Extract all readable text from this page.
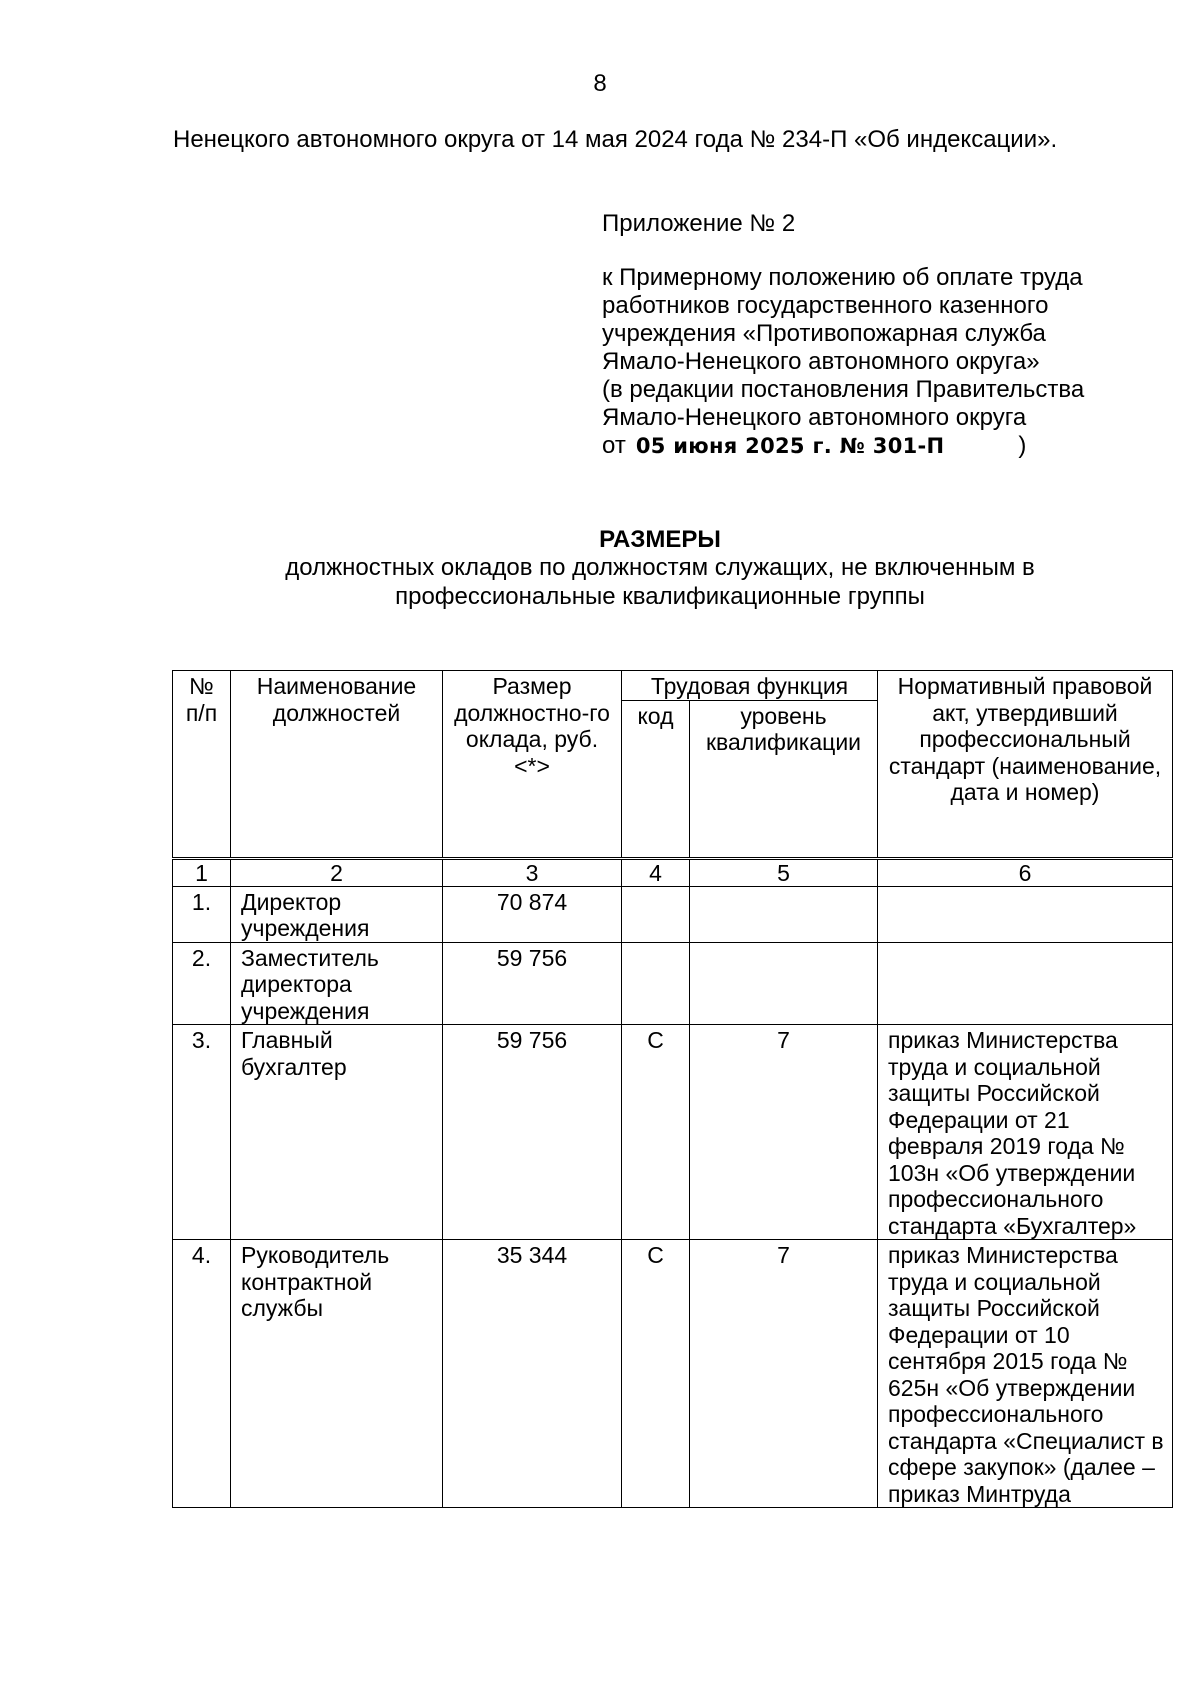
8
Ненецкого автономного округа от 14 мая 2024 года № 234-П «Об индексации».
Приложение № 2
к Примерному положению об оплате труда
работников государственного казенного
учреждения «Противопожарная служба
Ямало-Ненецкого автономного округа»
(в редакции постановления Правительства
Ямало-Ненецкого автономного округа
от 05 июня 2025 г. № 301-П	)
РАЗМЕРЫ
должностных окладов по должностям служащих, не включенным в профессиональные квалификационные группы
№ п/п	Наименование должностей	Размер должностно-го оклада, руб. <*>	Трудовая функция		Нормативный правовой акт, утвердивший профессиональный стандарт (наименование, дата и номер)
			код	уровень квалификации	
1	2	3	4	5	6
1.	Директор учреждения	70 874			
2.	Заместитель директора учреждения	59 756			
3.	Главный бухгалтер	59 756	C	7	приказ Министерства труда и социальной защиты Российской Федерации от 21 февраля 2019 года № 103н «Об утверждении профессионального стандарта «Бухгалтер»
4.	Руководитель контрактной службы	35 344	C	7	приказ Министерства труда и социальной защиты Российской Федерации от 10 сентября 2015 года № 625н «Об утверждении профессионального стандарта «Специалист в сфере закупок» (далее – приказ Минтруда
